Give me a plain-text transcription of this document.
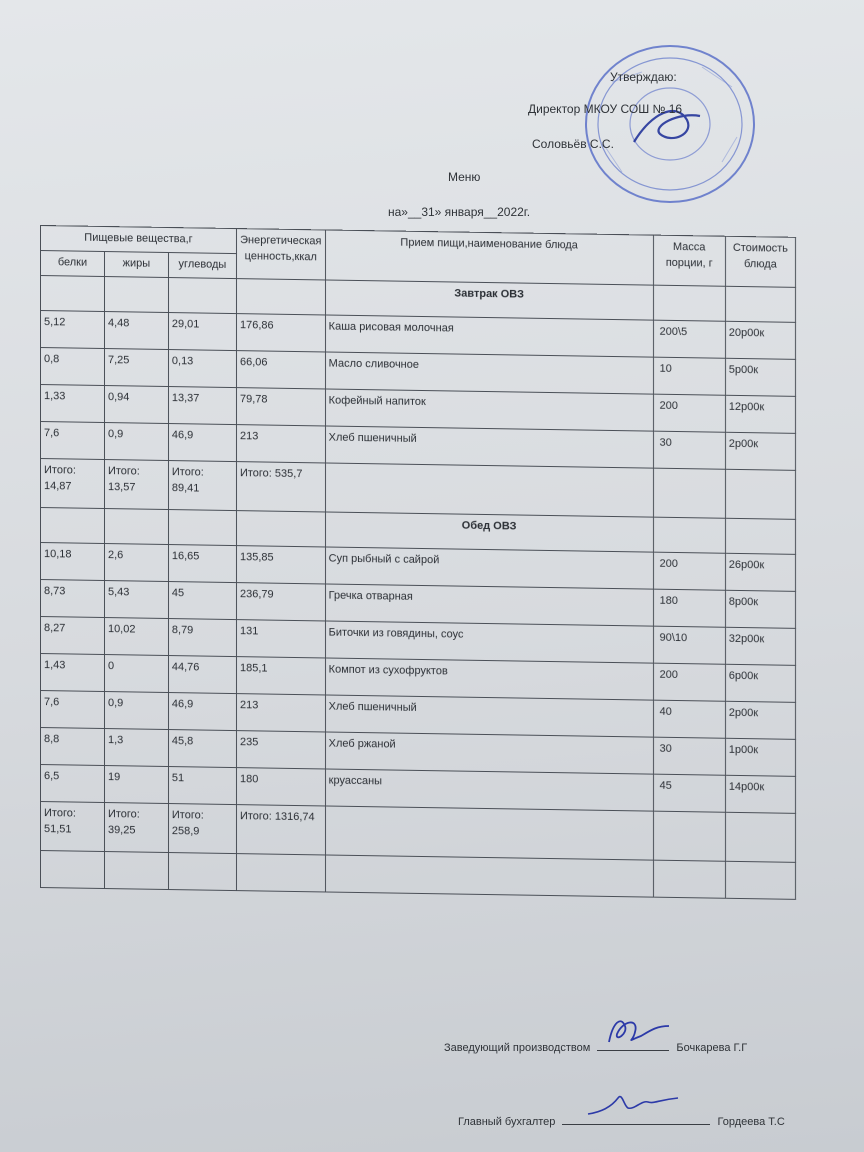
Утверждаю:
Директор МКОУ СОШ № 16
Соловьёв С.С.
Меню
на»__31» января__2022г.
Пищевые вещества,г			Энергетическая ценность,ккал	Прием пищи,наименование блюда	Масса порции, г	Стоимость блюда
белки	жиры	углеводы				
				Завтрак ОВЗ		
5,12	4,48	29,01	176,86	Каша рисовая молочная	200\5	20р00к
0,8	7,25	0,13	66,06	Масло сливочное	10	5р00к
1,33	0,94	13,37	79,78	Кофейный напиток	200	12р00к
7,6	0,9	46,9	213	Хлеб пшеничный	30	2р00к
Итого: 14,87	Итого: 13,57	Итого: 89,41	Итого: 535,7			
				Обед ОВЗ		
10,18	2,6	16,65	135,85	Суп рыбный с сайрой	200	26р00к
8,73	5,43	45	236,79	Гречка отварная	180	8р00к
8,27	10,02	8,79	131	Биточки из говядины, соус	90\10	32р00к
1,43	0	44,76	185,1	Компот из сухофруктов	200	6р00к
7,6	0,9	46,9	213	Хлеб пшеничный	40	2р00к
8,8	1,3	45,8	235	Хлеб ржаной	30	1р00к
6,5	19	51	180	круассаны	45	14р00к
Итого: 51,51	Итого: 39,25	Итого: 258,9	Итого: 1316,74			

Заведующий производством	Бочкарева Г.Г
Главный бухгалтер	Гордеева Т.С
